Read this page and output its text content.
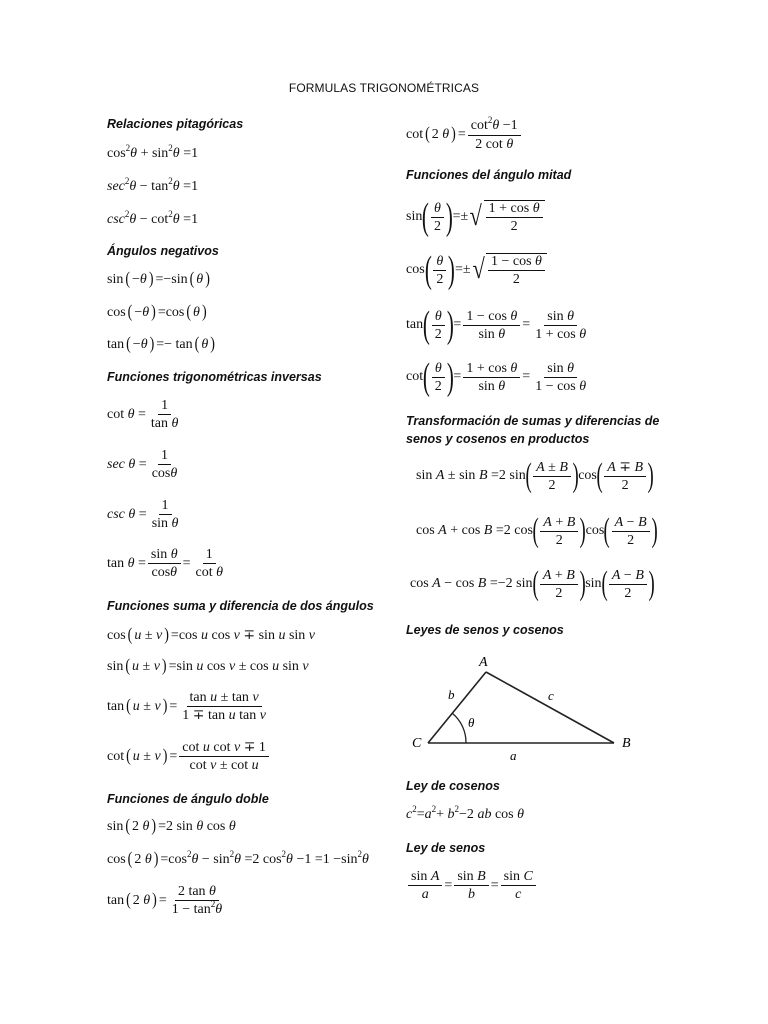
FORMULAS TRIGONOMÉTRICAS
Relaciones pitagóricas
$\cos^2 \theta + \sin^2 \theta =1$
$\sec^2 \theta - \tan^2 \theta =1$
$\csc^2 \theta - \cot^2 \theta =1$
Ángulos negativos
sin ( − θ ) =−sin ( θ )
cos ( − θ ) =cos ( θ )
tan ( − θ ) =− tan ( θ )
Funciones trigonométricas inversas
$\cot \theta = \frac{1}{\text{tan θ}}$
sec
$\theta = \frac{1}{\cos\theta}$
csc
$\theta = \frac{1}{\text{sin θ}}$
$\tan \theta = \frac{\text{sin θ}}{\cos\theta} = \frac{1}{\text{cot θ}}$
Funciones suma y diferencia de dos ángulos
cos ( u ± v ) =cos u cos v ∓ sin u sin v
sin ( u ± v ) =sin u cos v ± cos u sin v
tan ( u ± v ) = $\frac{\text{tan u ± tan v}}{\text{1 ∓ tan u tan v}}$
cot ( u ± v ) = $\frac{\text{cot u cot v ∓ 1}}{\text{cot v ± cot u}}$
Funciones de ángulo doble
sin ( 2 θ ) =2 sin θ cos θ
cos ( 2 θ ) $=\cos^2$ $\theta - \sin^2 \theta =2$ $\cos^2 \theta -1 =1 -\sin^2$ θ
tan ( 2 θ ) = $\frac{\text{2 tan θ}}{1 - \tan^2\theta}$
cot ( 2 θ ) = $\frac{\cot^2\theta -1}{\text{2 cot θ}}$
Funciones del ángulo mitad
sin ( $\frac{\theta}{2}$ ) =± √ $\frac{\text{1 + cos θ}}{2}$
cos ( $\frac{\theta}{2}$ ) =± √ $\frac{\text{1 − cos θ}}{2}$
tan ( $\frac{\theta}{2}$ ) = $\frac{\text{1 − cos θ}}{\text{sin θ}} = \frac{\text{sin θ}}{\text{1 + cos θ}}$
cot ( $\frac{\theta}{2}$ ) = $\frac{\text{1 + cos θ}}{\text{sin θ}} = \frac{\text{sin θ}}{\text{1 − cos θ}}$
Transformación de sumas y diferencias de
senos y cosenos en productos
sin A ± sin B =2 sin ( $\frac{A \pm B}{2}$ ) cos ( $\frac{A \mp B}{2}$ )
cos A + cos B =2 cos ( $\frac{A + B}{2}$ ) cos ( $\frac{A - B}{2}$ )
cos A − cos B =−2 sin ( $\frac{A + B}{2}$ ) sin ( $\frac{A - B}{2}$ )
Leyes de senos y cosenos
A
B
C
a
b	c
θ
Ley de cosenos
$c^2 = a^2 + b^2 -2$ ab cos θ
Ley de senos
$\frac{\text{sin A}}{a} = \frac{\text{sin B}}{b} = \frac{\text{sin C}}{c}$
